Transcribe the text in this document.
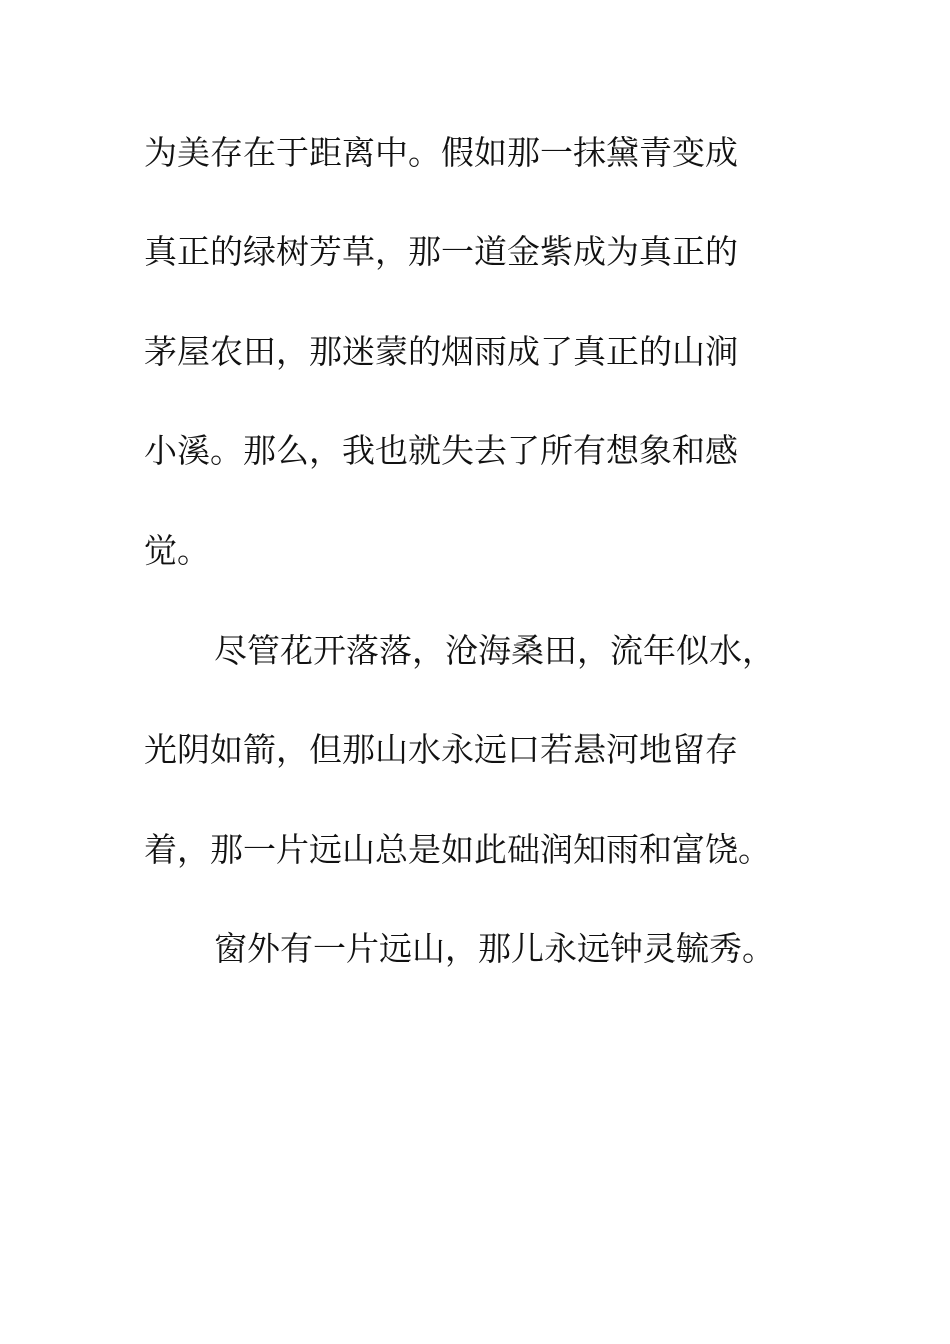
为美存在于距离中。假如那一抹黛青变成
真正的绿树芳草，那一道金紫成为真正的
茅屋农田，那迷蒙的烟雨成了真正的山涧
小溪。那么，我也就失去了所有想象和感
觉。
尽管花开落落，沧海桑田，流年似水，
光阴如箭，但那山水永远口若悬河地留存
着，那一片远山总是如此础润知雨和富饶。
窗外有一片远山，那儿永远钟灵毓秀。
